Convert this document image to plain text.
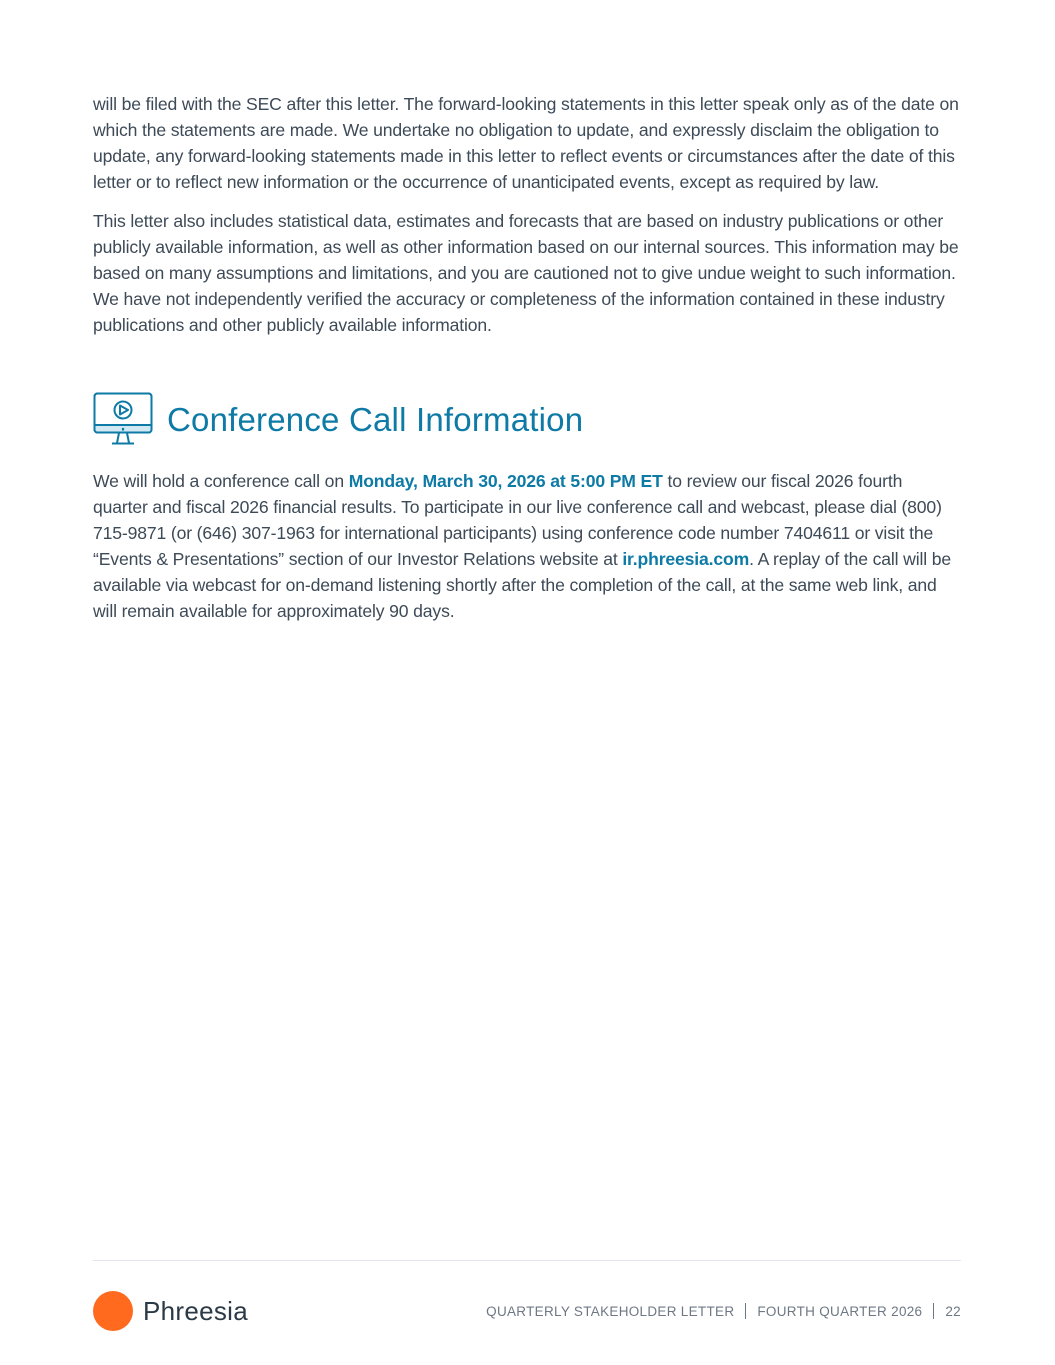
will be filed with the SEC after this letter. The forward-looking statements in this letter speak only as of the date on which the statements are made. We undertake no obligation to update, and expressly disclaim the obligation to update, any forward-looking statements made in this letter to reflect events or circumstances after the date of this letter or to reflect new information or the occurrence of unanticipated events, except as required by law.

This letter also includes statistical data, estimates and forecasts that are based on industry publications or other publicly available information, as well as other information based on our internal sources. This information may be based on many assumptions and limitations, and you are cautioned not to give undue weight to such information. We have not independently verified the accuracy or completeness of the information contained in these industry publications and other publicly available information.

Conference Call Information

We will hold a conference call on Monday, March 30, 2026 at 5:00 PM ET to review our fiscal 2026 fourth quarter and fiscal 2026 financial results. To participate in our live conference call and webcast, please dial (800) 715-9871 (or (646) 307-1963 for international participants) using conference code number 7404611 or visit the “Events & Presentations” section of our Investor Relations website at ir.phreesia.com. A replay of the call will be available via webcast for on-demand listening shortly after the completion of the call, at the same web link, and will remain available for approximately 90 days.

Phreesia	QUARTERLY STAKEHOLDER LETTER FOURTH QUARTER 2026 22
